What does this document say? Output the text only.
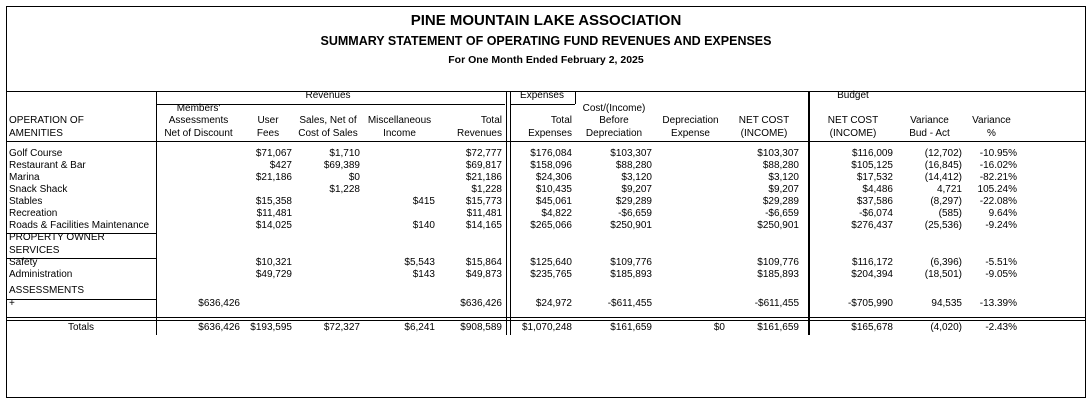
PINE MOUNTAIN LAKE ASSOCIATION
SUMMARY STATEMENT OF OPERATING FUND REVENUES AND EXPENSES
For One Month Ended February 2, 2025
			Revenues				Expenses						Budget			
	Members'							Cost/(Income)								
OPERATION OF	Assessments	User	Sales, Net of	Miscellaneous	Total		Total	Before	Depreciation	NET COST			NET COST	Variance	Variance	
AMENITIES	Net of Discount	Fees	Cost of Sales	Income	Revenues		Expenses	Depreciation	Expense	(INCOME)			(INCOME)	Bud - Act	%	

Golf Course		$71,067	$1,710		$72,777		$176,084	$103,307		$103,307			$116,009	(12,702)	-10.95%	
Restaurant & Bar		$427	$69,389		$69,817		$158,096	$88,280		$88,280			$105,125	(16,845)	-16.02%	
Marina		$21,186	$0		$21,186		$24,306	$3,120		$3,120			$17,532	(14,412)	-82.21%	
Snack Shack			$1,228		$1,228		$10,435	$9,207		$9,207			$4,486	4,721	105.24%	
Stables		$15,358		$415	$15,773		$45,061	$29,289		$29,289			$37,586	(8,297)	-22.08%	
Recreation		$11,481			$11,481		$4,822	-$6,659		-$6,659			-$6,074	(585)	9.64%	
Roads & Facilities Maintenance		$14,025		$140	$14,165		$265,066	$250,901		$250,901			$276,437	(25,536)	-9.24%	
PROPERTY OWNER																
SERVICES																
Safety		$10,321		$5,543	$15,864		$125,640	$109,776		$109,776			$116,172	(6,396)	-5.51%	
Administration		$49,729		$143	$49,873		$235,765	$185,893		$185,893			$204,394	(18,501)	-9.05%	

ASSESSMENTS																
+	$636,426				$636,426		$24,972	-$611,455		-$611,455			-$705,990	94,535	-13.39%	

Totals	$636,426	$193,595	$72,327	$6,241	$908,589		$1,070,248	$161,659	$0	$161,659			$165,678	(4,020)	-2.43%	
